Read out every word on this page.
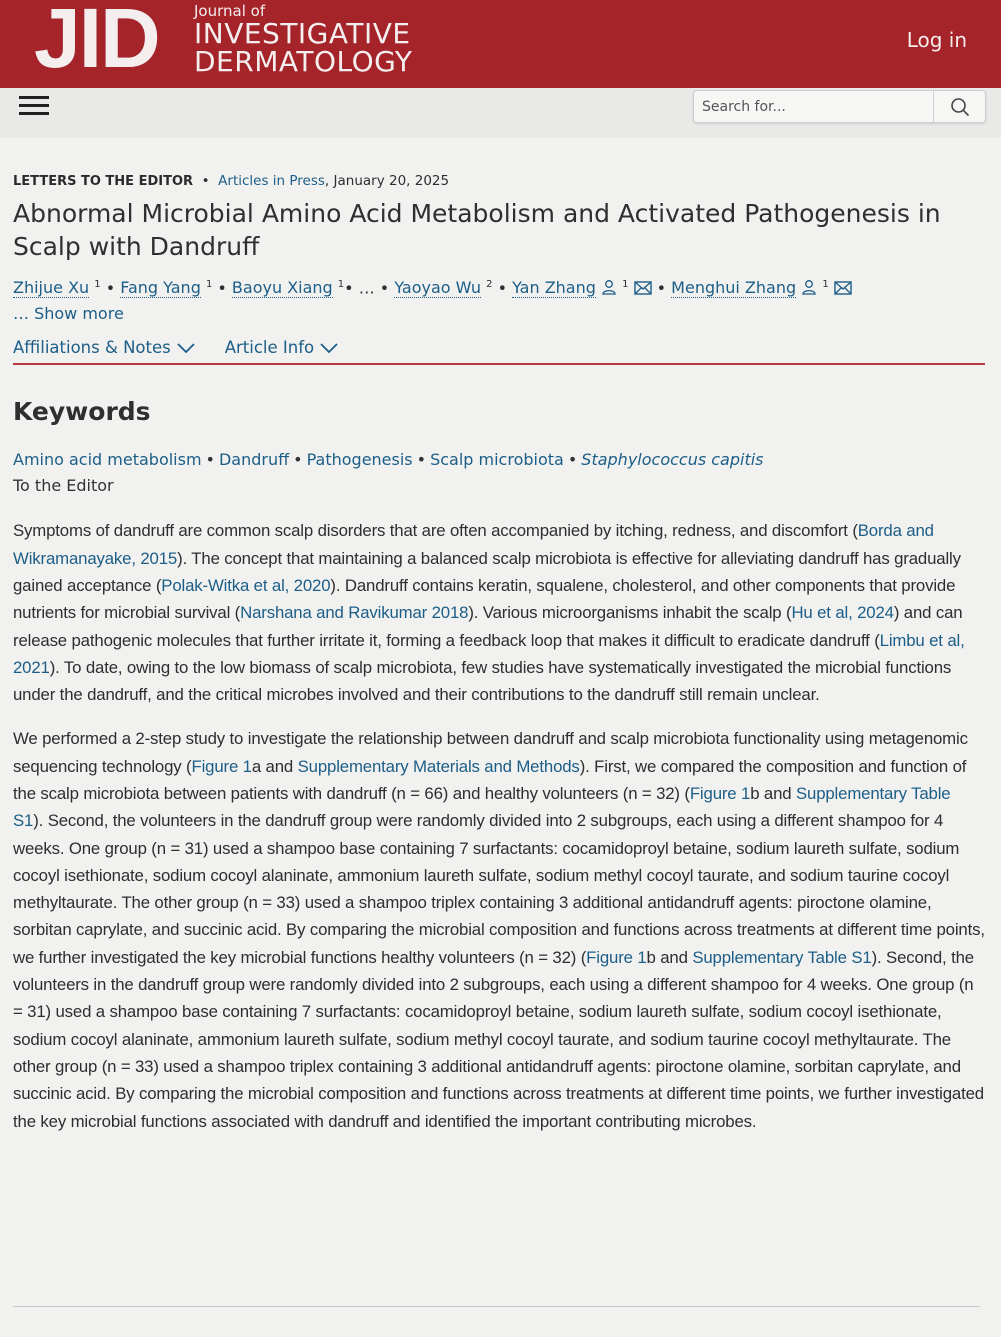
JID Journal of
INVESTIGATIVE
DERMATOLOGY
Log in
Search for...
LETTERS TO THE EDITOR  •  Articles in Press, January 20, 2025
Abnormal Microbial Amino Acid Metabolism and Activated Pathogenesis in Scalp with Dandruff
Zhijue Xu $^1$ • Fang Yang $^1$ • Baoyu Xiang $^1$• … • Yaoyao Wu $^2$ • Yan Zhang	$^1$  • Menghui Zhang	$^1$
… Show more
Affiliations & Notes	Article Info
Keywords
Amino acid metabolism • Dandruff • Pathogenesis • Scalp microbiota • Staphylococcus capitis
To the Editor

Symptoms of dandruff are common scalp disorders that are often accompanied by itching, redness, and discomfort (Borda and Wikramanayake, 2015). The concept that maintaining a balanced scalp microbiota is effective for alleviating dandruff has gradually gained acceptance (Polak-Witka et al, 2020). Dandruff contains keratin, squalene, cholesterol, and other components that provide nutrients for microbial survival (Narshana and Ravikumar 2018). Various microorganisms inhabit the scalp (Hu et al, 2024) and can release pathogenic molecules that further irritate it, forming a feedback loop that makes it difficult to eradicate dandruff (Limbu et al, 2021). To date, owing to the low biomass of scalp microbiota, few studies have systematically investigated the microbial functions under the dandruff, and the critical microbes involved and their contributions to the dandruff still remain unclear.

We performed a 2-step study to investigate the relationship between dandruff and scalp microbiota functionality using metagenomic sequencing technology (Figure 1a and Supplementary Materials and Methods). First, we compared the composition and function of the scalp microbiota between patients with dandruff (n = 66) and healthy volunteers (n = 32) (Figure 1b and Supplementary Table S1). Second, the volunteers in the dandruff group were randomly divided into 2 subgroups, each using a different shampoo for 4 weeks. One group (n = 31) used a shampoo base containing 7 surfactants: cocamidoproyl betaine, sodium laureth sulfate, sodium cocoyl isethionate, sodium cocoyl alaninate, ammonium laureth sulfate, sodium methyl cocoyl taurate, and sodium taurine cocoyl methyltaurate. The other group (n = 33) used a shampoo triplex containing 3 additional antidandruff agents: piroctone olamine, sorbitan caprylate, and succinic acid. By comparing the microbial composition and functions across treatments at different time points, we further investigated the key microbial functions healthy volunteers (n = 32) (Figure 1b and Supplementary Table S1). Second, the volunteers in the dandruff group were randomly divided into 2 subgroups, each using a different shampoo for 4 weeks. One group (n = 31) used a shampoo base containing 7 surfactants: cocamidoproyl betaine, sodium laureth sulfate, sodium cocoyl isethionate, sodium cocoyl alaninate, ammonium laureth sulfate, sodium methyl cocoyl taurate, and sodium taurine cocoyl methyltaurate. The other group (n = 33) used a shampoo triplex containing 3 additional antidandruff agents: piroctone olamine, sorbitan caprylate, and succinic acid. By comparing the microbial composition and functions across treatments at different time points, we further investigated the key microbial functions associated with dandruff and identified the important contributing microbes.
